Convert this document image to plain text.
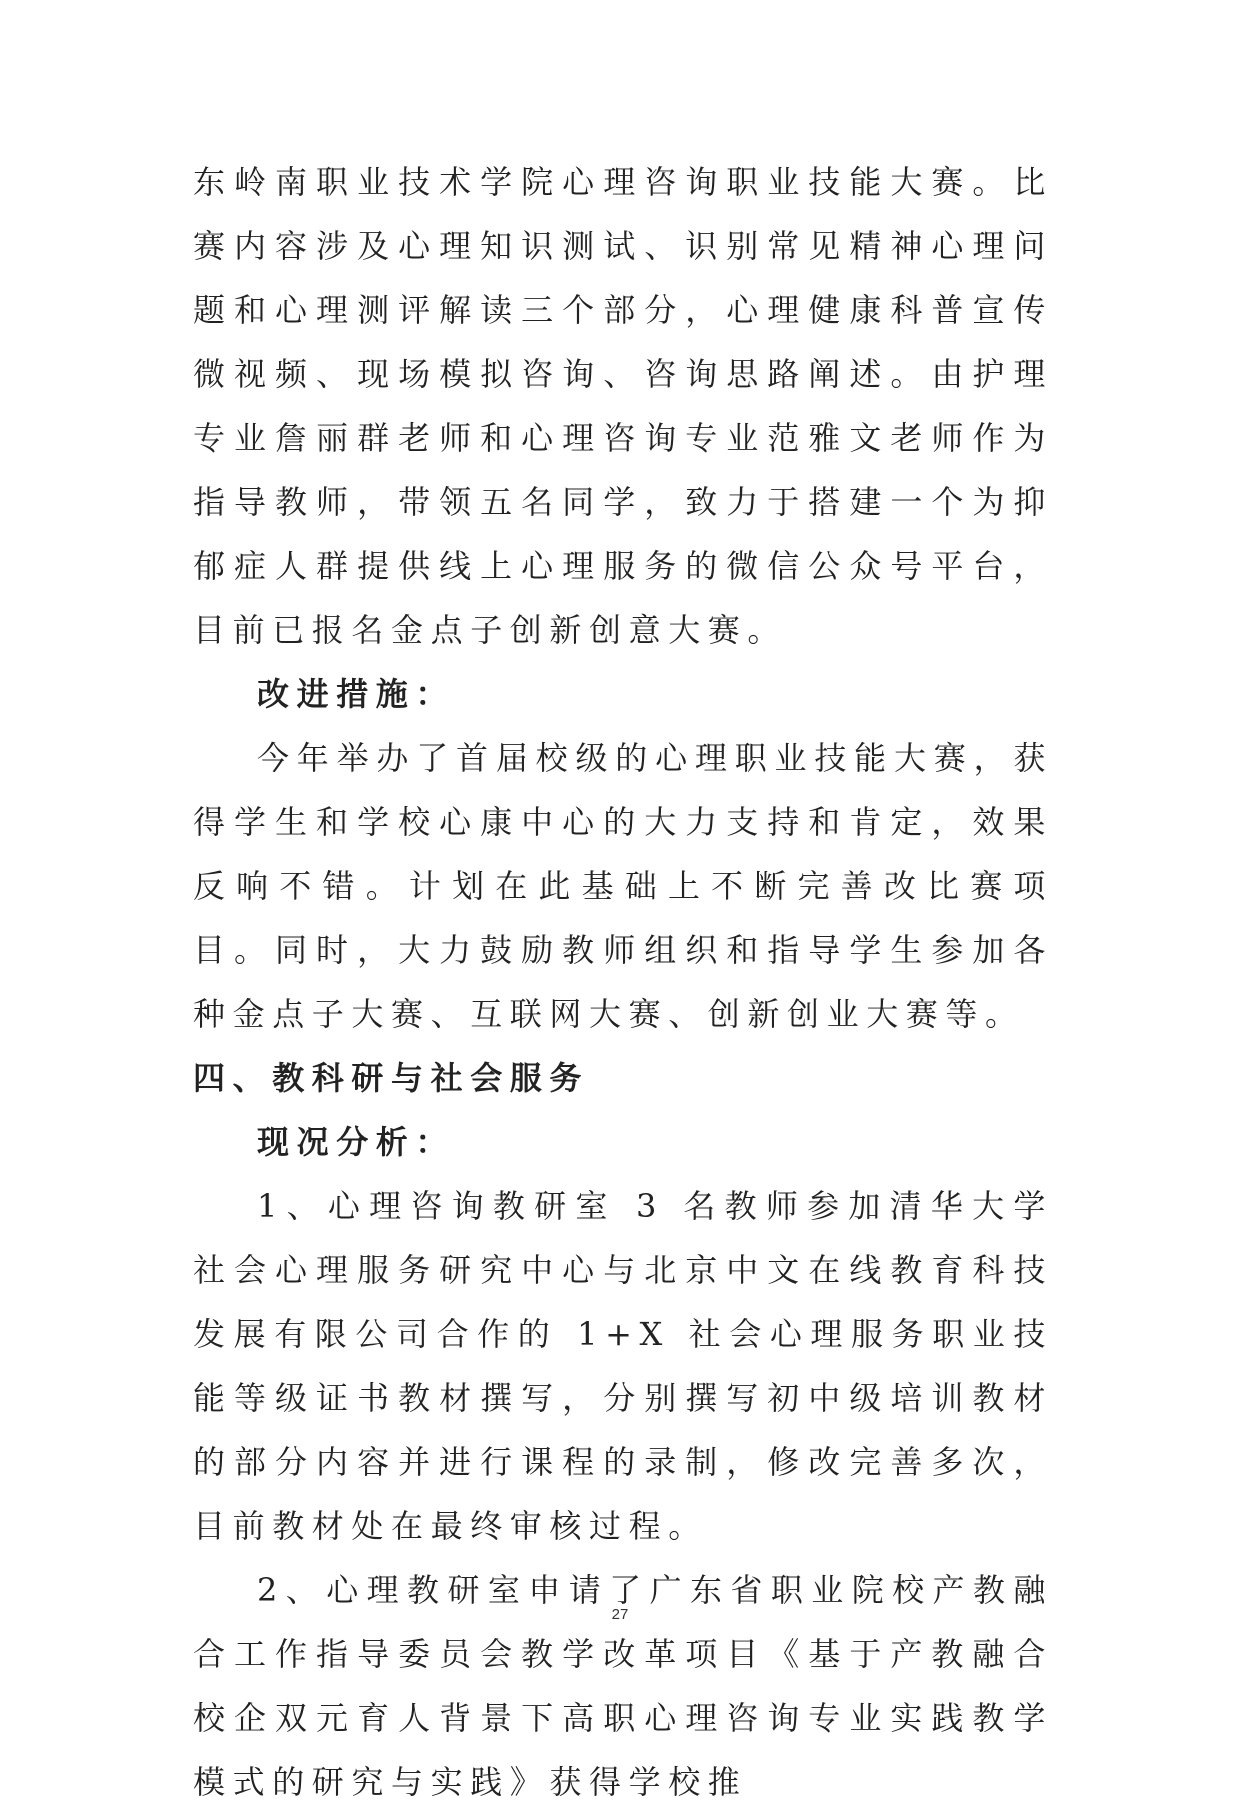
东岭南职业技术学院心理咨询职业技能大赛。比赛内容涉及心理知识测试、识别常见精神心理问题和心理测评解读三个部分，心理健康科普宣传微视频、现场模拟咨询、咨询思路阐述。由护理专业詹丽群老师和心理咨询专业范雅文老师作为指导教师，带领五名同学，致力于搭建一个为抑郁症人群提供线上心理服务的微信公众号平台，目前已报名金点子创新创意大赛。

改进措施：

今年举办了首届校级的心理职业技能大赛，获得学生和学校心康中心的大力支持和肯定，效果反响不错。计划在此基础上不断完善改比赛项目。同时，大力鼓励教师组织和指导学生参加各种金点子大赛、互联网大赛、创新创业大赛等。

四、教科研与社会服务

现况分析：

1、心理咨询教研室 3 名教师参加清华大学社会心理服务研究中心与北京中文在线教育科技发展有限公司合作的 1+X 社会心理服务职业技能等级证书教材撰写，分别撰写初中级培训教材的部分内容并进行课程的录制，修改完善多次，目前教材处在最终审核过程。

2、心理教研室申请了广东省职业院校产教融合工作指导委员会教学改革项目《基于产教融合校企双元育人背景下高职心理咨询专业实践教学模式的研究与实践》获得学校推

27
